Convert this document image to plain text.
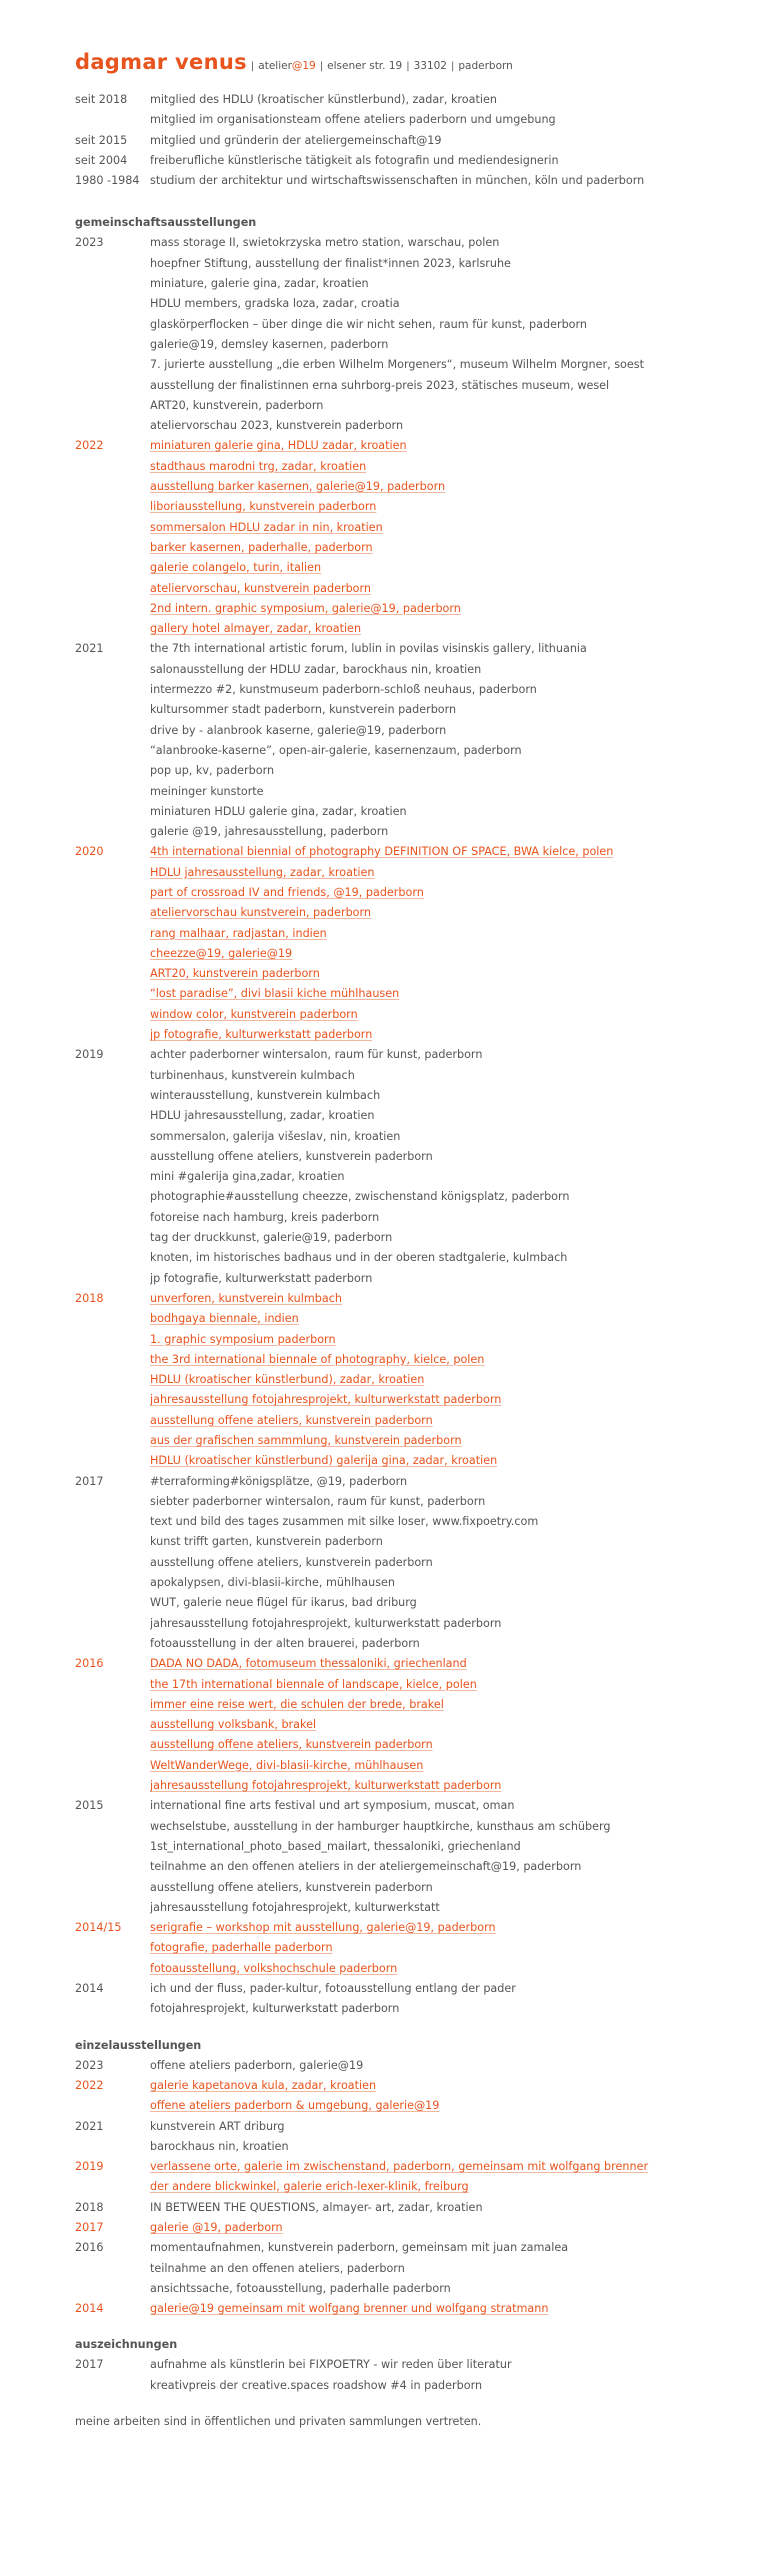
dagmar venus | atelier@19 | elsener str. 19 | 33102 | paderborn
seit 2018	mitglied des HDLU (kroatischer künstlerbund), zadar, kroatien
mitglied im organisationsteam offene ateliers paderborn und umgebung
seit 2015	mitglied und gründerin der ateliergemeinschaft@19
seit 2004	freiberufliche künstlerische tätigkeit als fotografin und mediendesignerin
1980 -1984 studium der architektur und wirtschaftswissenschaften in münchen, köln und paderborn
gemeinschaftsausstellungen
2023	mass storage II, swietokrzyska metro station, warschau, polen
hoepfner Stiftung, ausstellung der finalist*innen 2023, karlsruhe
miniature, galerie gina, zadar, kroatien
HDLU members, gradska loza, zadar, croatia
glaskörperflocken – über dinge die wir nicht sehen, raum für kunst, paderborn
galerie@19, demsley kasernen, paderborn
7. jurierte ausstellung „die erben Wilhelm Morgeners“, museum Wilhelm Morgner, soest
ausstellung der finalistinnen erna suhrborg-preis 2023, stätisches museum, wesel
ART20, kunstverein, paderborn
ateliervorschau 2023, kunstverein paderborn
2022	miniaturen galerie gina, HDLU zadar, kroatien
stadthaus marodni trg, zadar, kroatien
ausstellung barker kasernen, galerie@19, paderborn
liboriausstellung, kunstverein paderborn
sommersalon HDLU zadar in nin, kroatien
barker kasernen, paderhalle, paderborn
galerie colangelo, turin, italien
ateliervorschau, kunstverein paderborn
2nd intern. graphic symposium, galerie@19, paderborn
gallery hotel almayer, zadar, kroatien
2021	the 7th international artistic forum, lublin in povilas visinskis gallery, lithuania
salonausstellung der HDLU zadar, barockhaus nin, kroatien
intermezzo #2, kunstmuseum paderborn-schloß neuhaus, paderborn
kultursommer stadt paderborn, kunstverein paderborn
drive by - alanbrook kaserne, galerie@19, paderborn
“alanbrooke-kaserne”, open-air-galerie, kasernenzaum, paderborn
pop up, kv, paderborn
meininger kunstorte
miniaturen HDLU galerie gina, zadar, kroatien
galerie @19, jahresausstellung, paderborn
2020	4th international biennial of photography DEFINITION OF SPACE, BWA kielce, polen
HDLU jahresausstellung, zadar, kroatien
part of crossroad IV and friends, @19, paderborn
ateliervorschau kunstverein, paderborn
rang malhaar, radjastan, indien
cheezze@19, galerie@19
ART20, kunstverein paderborn
“lost paradise”, divi blasii kiche mühlhausen
window color, kunstverein paderborn
jp fotografie, kulturwerkstatt paderborn
2019	achter paderborner wintersalon, raum für kunst, paderborn
turbinenhaus, kunstverein kulmbach
winterausstellung, kunstverein kulmbach
HDLU jahresausstellung, zadar, kroatien
sommersalon, galerija višeslav, nin, kroatien
ausstellung offene ateliers, kunstverein paderborn
mini #galerija gina,zadar, kroatien
photographie#ausstellung cheezze, zwischenstand königsplatz, paderborn
fotoreise nach hamburg, kreis paderborn
tag der druckkunst, galerie@19, paderborn
knoten, im historisches badhaus und in der oberen stadtgalerie, kulmbach
jp fotografie, kulturwerkstatt paderborn
2018	unverforen, kunstverein kulmbach
bodhgaya biennale, indien
1. graphic symposium paderborn
the 3rd international biennale of photography, kielce, polen
HDLU (kroatischer künstlerbund), zadar, kroatien
jahresausstellung fotojahresprojekt, kulturwerkstatt paderborn
ausstellung offene ateliers, kunstverein paderborn
aus der grafischen sammmlung, kunstverein paderborn
HDLU (kroatischer künstlerbund) galerija gina, zadar, kroatien
2017	#terraforming#königsplätze, @19, paderborn
siebter paderborner wintersalon, raum für kunst, paderborn
text und bild des tages zusammen mit silke loser, www.fixpoetry.com
kunst trifft garten, kunstverein paderborn
ausstellung offene ateliers, kunstverein paderborn
apokalypsen, divi-blasii-kirche, mühlhausen
WUT, galerie neue flügel für ikarus, bad driburg
jahresausstellung fotojahresprojekt, kulturwerkstatt paderborn
fotoausstellung in der alten brauerei, paderborn
2016	DADA NO DADA, fotomuseum thessaloniki, griechenland
the 17th international biennale of landscape, kielce, polen
immer eine reise wert, die schulen der brede, brakel
ausstellung volksbank, brakel
ausstellung offene ateliers, kunstverein paderborn
WeltWanderWege, divi-blasii-kirche, mühlhausen
jahresausstellung fotojahresprojekt, kulturwerkstatt paderborn
2015	international fine arts festival und art symposium, muscat, oman
wechselstube, ausstellung in der hamburger hauptkirche, kunsthaus am schüberg
1st_international_photo_based_mailart, thessaloniki, griechenland
teilnahme an den offenen ateliers in der ateliergemeinschaft@19, paderborn
ausstellung offene ateliers, kunstverein paderborn
jahresausstellung fotojahresprojekt, kulturwerkstatt
2014/15	serigrafie – workshop mit ausstellung, galerie@19, paderborn
fotografie, paderhalle paderborn
fotoausstellung, volkshochschule paderborn
2014	ich und der fluss, pader-kultur, fotoausstellung entlang der pader
fotojahresprojekt, kulturwerkstatt paderborn
einzelausstellungen
2023	offene ateliers paderborn, galerie@19
2022	galerie kapetanova kula, zadar, kroatien
offene ateliers paderborn & umgebung, galerie@19
2021	kunstverein ART driburg
barockhaus nin, kroatien
2019	verlassene orte, galerie im zwischenstand, paderborn, gemeinsam mit wolfgang brenner
der andere blickwinkel, galerie erich-lexer-klinik, freiburg
2018	IN BETWEEN THE QUESTIONS, almayer- art, zadar, kroatien
2017	galerie @19, paderborn
2016	momentaufnahmen, kunstverein paderborn, gemeinsam mit juan zamalea
teilnahme an den offenen ateliers, paderborn
ansichtssache, fotoausstellung, paderhalle paderborn
2014	galerie@19 gemeinsam mit wolfgang brenner und wolfgang stratmann
auszeichnungen
2017	aufnahme als künstlerin bei FIXPOETRY - wir reden über literatur
kreativpreis der creative.spaces roadshow #4 in paderborn
meine arbeiten sind in öffentlichen und privaten sammlungen vertreten.
